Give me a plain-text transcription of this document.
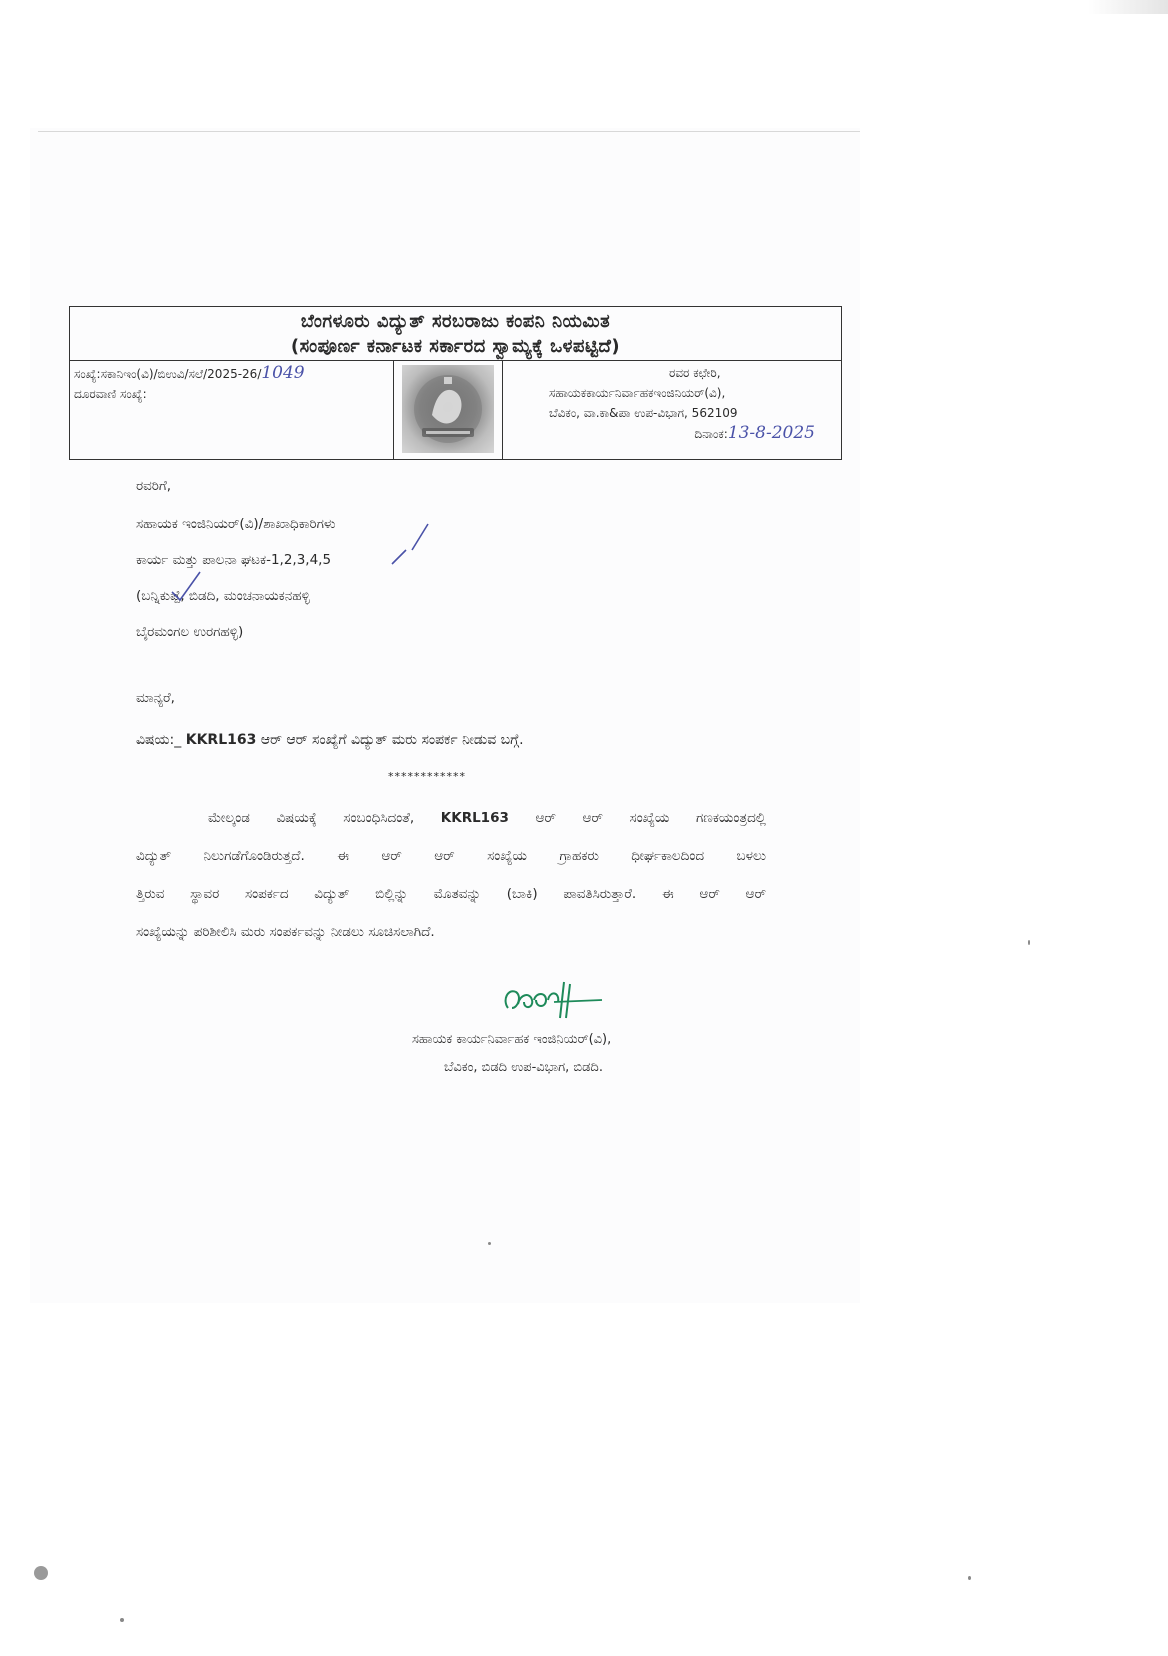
ಬೆಂಗಳೂರು ವಿದ್ಯುತ್ ಸರಬರಾಜು ಕಂಪನಿ ನಿಯಮಿತ
(ಸಂಪೂರ್ಣ ಕರ್ನಾಟಕ ಸರ್ಕಾರದ ಸ್ವಾಮ್ಯಕ್ಕೆ ಒಳಪಟ್ಟಿದೆ)
ಸಂಖ್ಯೆ:ಸಕಾನಿಇಂ(ವಿ)/ಬಿಉವಿ/ಸಲೆ/2025-26/1049
ದೂರವಾಣಿ ಸಂಖ್ಯೆ:
ರವರ ಕಛೇರಿ,
ಸಹಾಯಕಕಾರ್ಯನಿರ್ವಾಹಕಇಂಜಿನಿಯರ್(ವಿ),
ಬೆವಿಕಂ, ವಾ.ಕಾ&ಪಾ ಉಪ-ವಿಭಾಗ, 562109
ದಿನಾಂಕ:13-8-2025
ರವರಿಗೆ,
ಸಹಾಯಕ ಇಂಜಿನಿಯರ್(ವಿ)/ಶಾಖಾಧಿಕಾರಿಗಳು
ಕಾರ್ಯ ಮತ್ತು ಪಾಲನಾ ಘಟಕ-1,2,3,4,5
(ಬನ್ನಿಕುಪ್ಪೆ, ಬಿಡದಿ, ಮಂಚನಾಯಕನಹಳ್ಳಿ
ಬೈರಮಂಗಲ ಉರಗಹಳ್ಳಿ)
ಮಾನ್ಯರೆ,
ವಿಷಯ:_ KKRL163 ಆರ್ ಆರ್ ಸಂಖ್ಯೆಗೆ ವಿದ್ಯುತ್ ಮರು ಸಂಪರ್ಕ ನೀಡುವ ಬಗ್ಗೆ.
************
ಮೇಲ್ಕಂಡ ವಿಷಯಕ್ಕೆ ಸಂಬಂಧಿಸಿದಂತೆ, KKRL163 ಆರ್ ಆರ್ ಸಂಖ್ಯೆಯ ಗಣಕಯಂತ್ರದಲ್ಲಿ
ವಿದ್ಯುತ್ ನಿಲುಗಡೆಗೊಂಡಿರುತ್ತದೆ. ಈ ಆರ್ ಆರ್ ಸಂಖ್ಯೆಯ ಗ್ರಾಹಕರು ಧೀರ್ಘಕಾಲದಿಂದ ಬಳಲು
ತ್ತಿರುವ ಸ್ಥಾವರ ಸಂಪರ್ಕದ ವಿದ್ಯುತ್ ಬಿಲ್ಲಿನ್ನು ಮೊತವನ್ನು (ಬಾಕಿ) ಪಾವತಿಸಿರುತ್ತಾರೆ. ಈ ಆರ್ ಆರ್
ಸಂಖ್ಯೆಯನ್ನು ಪರಿಶೀಲಿಸಿ ಮರು ಸಂಪರ್ಕವನ್ನು ನೀಡಲು ಸೂಚಿಸಲಾಗಿದೆ.
ಸಹಾಯಕ ಕಾರ್ಯನಿರ್ವಾಹಕ ಇಂಜಿನಿಯರ್(ವಿ),
ಬೆವಿಕಂ, ಬಿಡದಿ ಉಪ-ವಿಭಾಗ, ಬಿಡದಿ.
